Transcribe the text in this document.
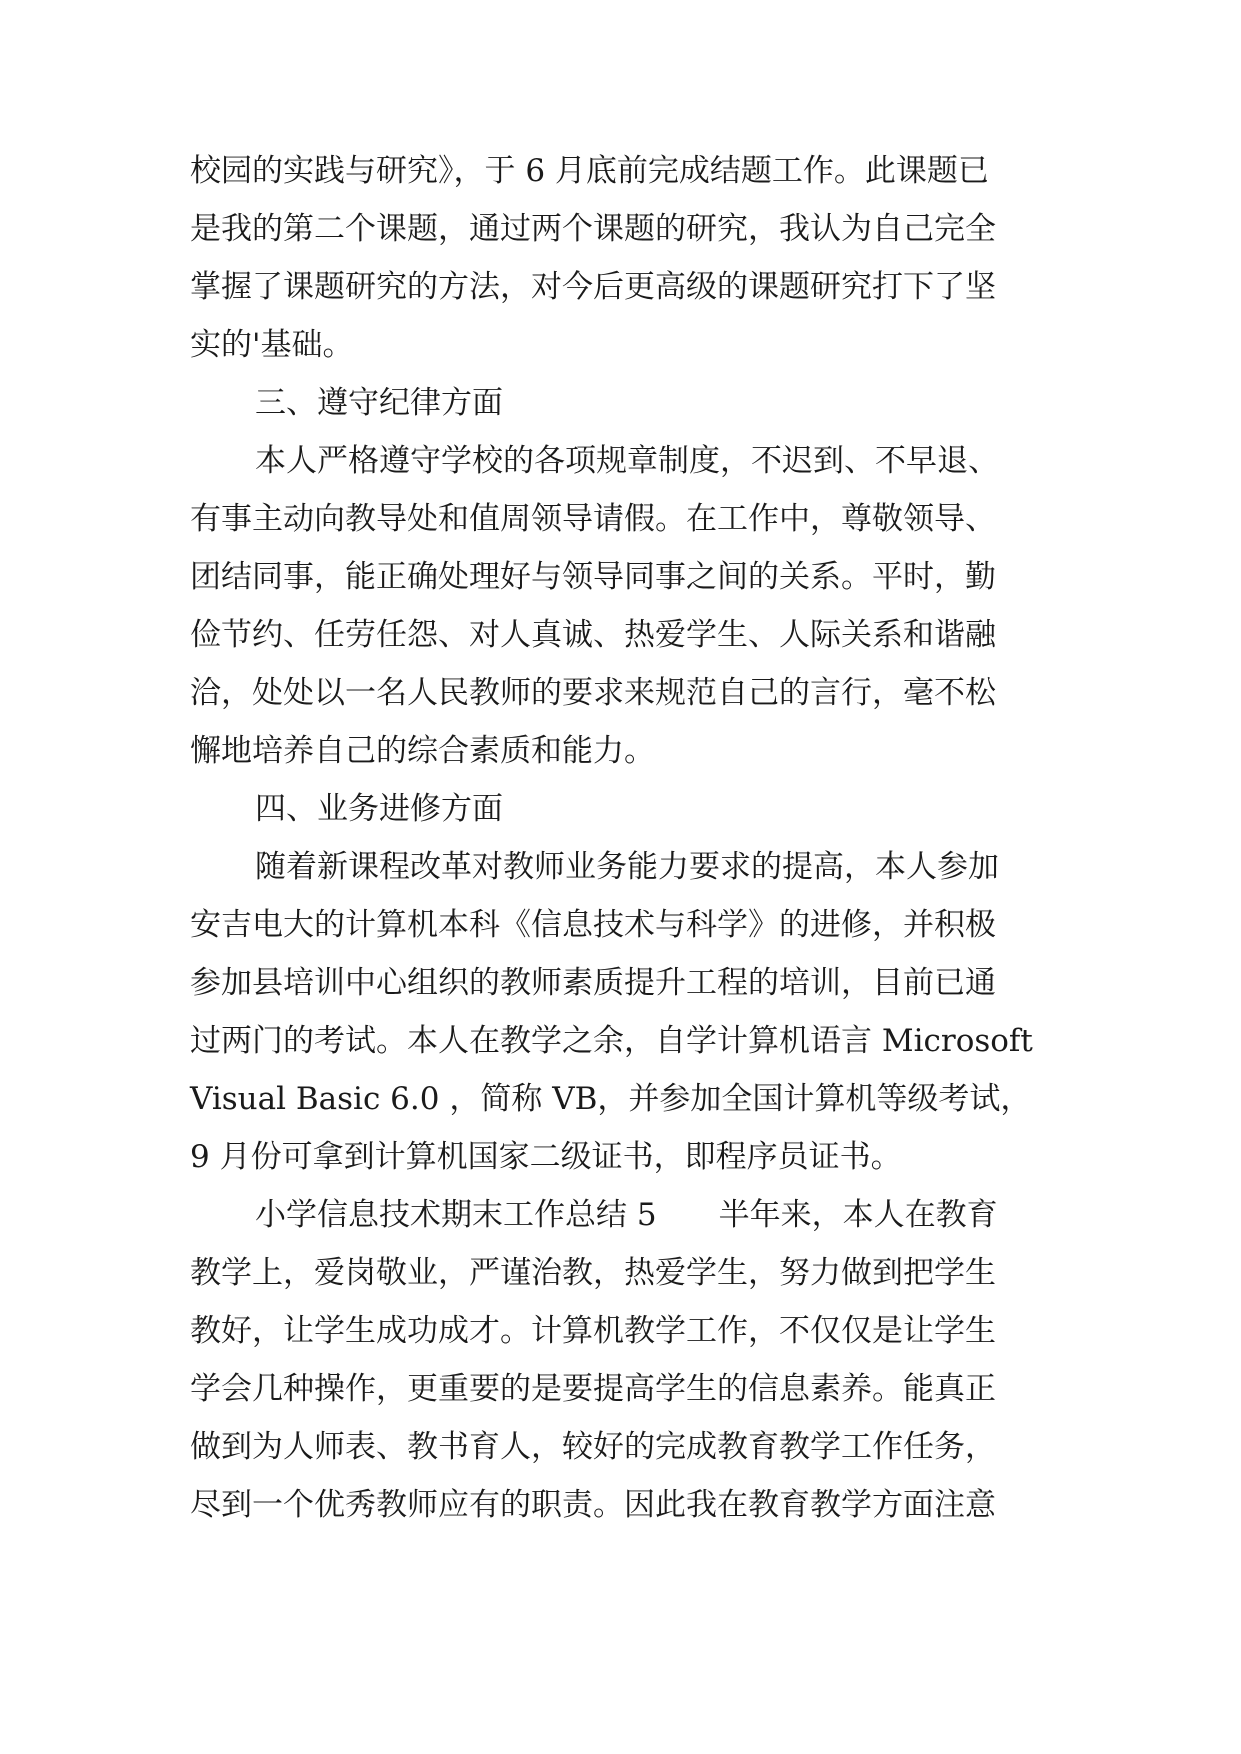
校园的实践与研究》，于 6 月底前完成结题工作。此课题已
是我的第二个课题，通过两个课题的研究，我认为自己完全
掌握了课题研究的方法，对今后更高级的课题研究打下了坚
实的'基础。
三、遵守纪律方面
本人严格遵守学校的各项规章制度，不迟到、不早退、
有事主动向教导处和值周领导请假。在工作中，尊敬领导、
团结同事，能正确处理好与领导同事之间的关系。平时，勤
俭节约、任劳任怨、对人真诚、热爱学生、人际关系和谐融
洽，处处以一名人民教师的要求来规范自己的言行，毫不松
懈地培养自己的综合素质和能力。
四、业务进修方面
随着新课程改革对教师业务能力要求的提高，本人参加
安吉电大的计算机本科《信息技术与科学》的进修，并积极
参加县培训中心组织的教师素质提升工程的培训，目前已通
过两门的考试。本人在教学之余，自学计算机语言 Microsoft
Visual Basic 6.0 ，简称 VB，并参加全国计算机等级考试，
9 月份可拿到计算机国家二级证书，即程序员证书。
小学信息技术期末工作总结 5　　半年来，本人在教育
教学上，爱岗敬业，严谨治教，热爱学生，努力做到把学生
教好，让学生成功成才。计算机教学工作，不仅仅是让学生
学会几种操作，更重要的是要提高学生的信息素养。能真正
做到为人师表、教书育人，较好的完成教育教学工作任务，
尽到一个优秀教师应有的职责。因此我在教育教学方面注意
